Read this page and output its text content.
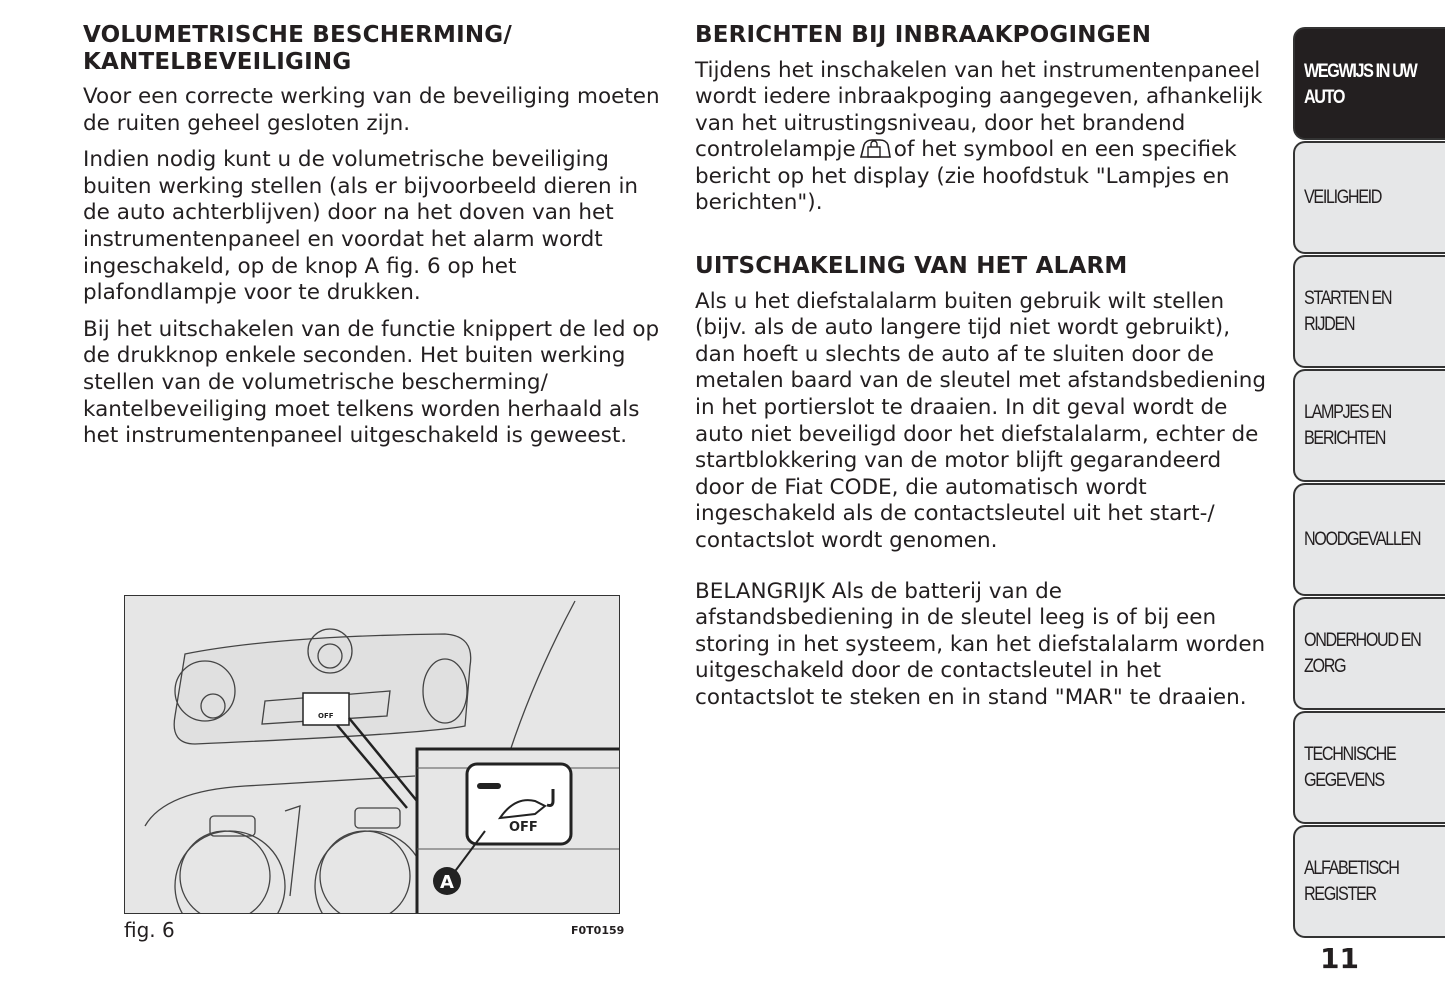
VOLUMETRISCHE BESCHERMING/
KANTELBEVEILIGING
Voor een correcte werking van de beveiliging moeten
de ruiten geheel gesloten zijn.
Indien nodig kunt u de volumetrische beveiliging
buiten werking stellen (als er bijvoorbeeld dieren in
de auto achterblijven) door na het doven van het
instrumentenpaneel en voordat het alarm wordt
ingeschakeld, op de knop A fig. 6 op het
plafondlampje voor te drukken.
Bij het uitschakelen van de functie knippert de led op
de drukknop enkele seconden. Het buiten werking
stellen van de volumetrische bescherming/
kantelbeveiliging moet telkens worden herhaald als
het instrumentenpaneel uitgeschakeld is geweest.
OFF
OFF
A
fig. 6	F0T0159
BERICHTEN BIJ INBRAAKPOGINGEN
Tijdens het inschakelen van het instrumentenpaneel
wordt iedere inbraakpoging aangegeven, afhankelijk
van het uitrustingsniveau, door het brandend
controlelampje of het symbool en een specifiek
bericht op het display (zie hoofdstuk "Lampjes en
berichten").
UITSCHAKELING VAN HET ALARM
Als u het diefstalalarm buiten gebruik wilt stellen
(bijv. als de auto langere tijd niet wordt gebruikt),
dan hoeft u slechts de auto af te sluiten door de
metalen baard van de sleutel met afstandsbediening
in het portierslot te draaien. In dit geval wordt de
auto niet beveiligd door het diefstalalarm, echter de
startblokkering van de motor blijft gegarandeerd
door de Fiat CODE, die automatisch wordt
ingeschakeld als de contactsleutel uit het start-/
contactslot wordt genomen.
BELANGRIJK Als de batterij van de
afstandsbediening in de sleutel leeg is of bij een
storing in het systeem, kan het diefstalalarm worden
uitgeschakeld door de contactsleutel in het
contactslot te steken en in stand "MAR" te draaien.
WEGWIJS IN UW
AUTO
VEILIGHEID
STARTEN EN RIJDEN
LAMPJES EN
BERICHTEN
NOODGEVALLEN
ONDERHOUD EN
ZORG
TECHNISCHE
GEGEVENS
ALFABETISCH
REGISTER
11
